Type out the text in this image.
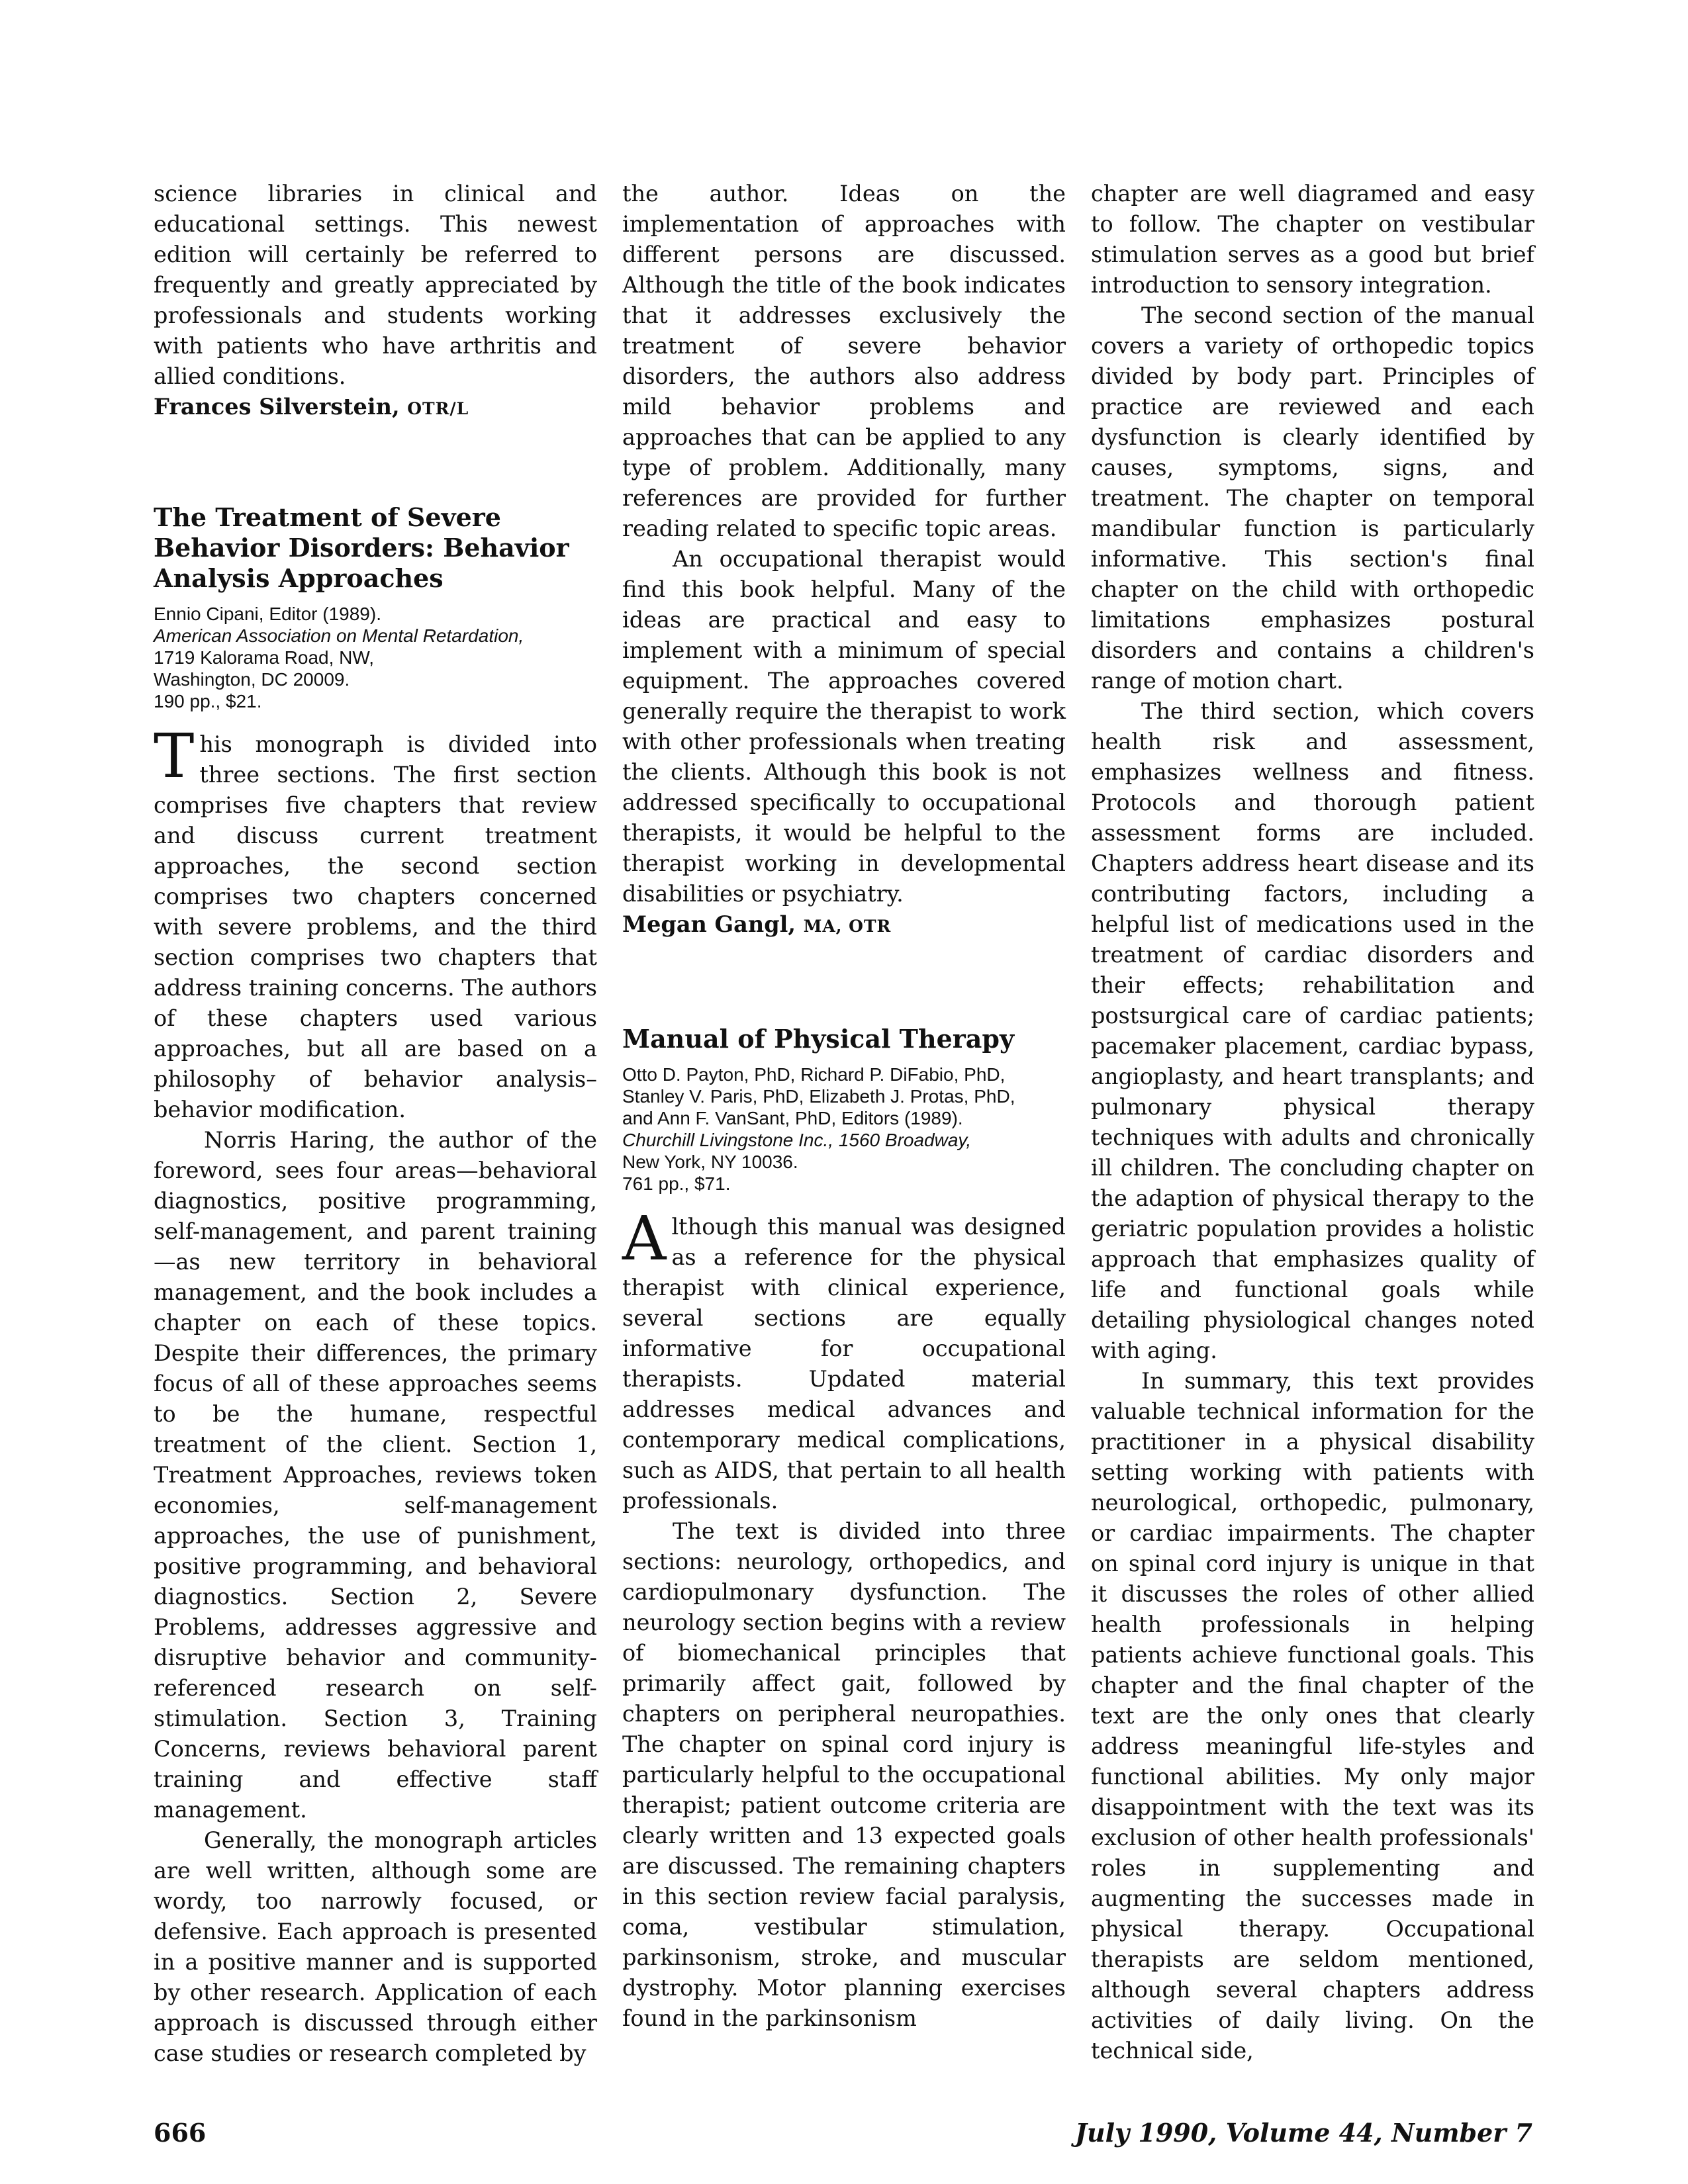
science libraries in clinical and educational settings. This newest edition will certainly be referred to frequently and greatly appreciated by professionals and students working with patients who have arthritis and allied conditions.

Frances Silverstein, OTR/L

The Treatment of Severe Behavior Disorders: Behavior Analysis Approaches
Ennio Cipani, Editor (1989).
American Association on Mental Retardation,
1719 Kalorama Road, NW,
Washington, DC 20009.
190 pp., $21.

This monograph is divided into three sections. The first section comprises five chapters that review and discuss current treatment approaches, the second section comprises two chapters concerned with severe problems, and the third section comprises two chapters that address training concerns. The authors of these chapters used various approaches, but all are based on a philosophy of behavior analysis–behavior modification.

Norris Haring, the author of the foreword, sees four areas—behavioral diagnostics, positive programming, self-management, and parent training—as new territory in behavioral management, and the book includes a chapter on each of these topics. Despite their differences, the primary focus of all of these approaches seems to be the humane, respectful treatment of the client. Section 1, Treatment Approaches, reviews token economies, self-management approaches, the use of punishment, positive programming, and behavioral diagnostics. Section 2, Severe Problems, addresses aggressive and disruptive behavior and community-referenced research on self-stimulation. Section 3, Training Concerns, reviews behavioral parent training and effective staff management.

Generally, the monograph articles are well written, although some are wordy, too narrowly focused, or defensive. Each approach is presented in a positive manner and is supported by other research. Application of each approach is discussed through either case studies or research completed by

the author. Ideas on the implementation of approaches with different persons are discussed. Although the title of the book indicates that it addresses exclusively the treatment of severe behavior disorders, the authors also address mild behavior problems and approaches that can be applied to any type of problem. Additionally, many references are provided for further reading related to specific topic areas.

An occupational therapist would find this book helpful. Many of the ideas are practical and easy to implement with a minimum of special equipment. The approaches covered generally require the therapist to work with other professionals when treating the clients. Although this book is not addressed specifically to occupational therapists, it would be helpful to the therapist working in developmental disabilities or psychiatry.

Megan Gangl, MA, OTR

Manual of Physical Therapy
Otto D. Payton, PhD, Richard P. DiFabio, PhD,
Stanley V. Paris, PhD, Elizabeth J. Protas, PhD,
and Ann F. VanSant, PhD, Editors (1989).
Churchill Livingstone Inc., 1560 Broadway,
New York, NY 10036.
761 pp., $71.

Although this manual was designed as a reference for the physical therapist with clinical experience, several sections are equally informative for occupational therapists. Updated material addresses medical advances and contemporary medical complications, such as AIDS, that pertain to all health professionals.

The text is divided into three sections: neurology, orthopedics, and cardiopulmonary dysfunction. The neurology section begins with a review of biomechanical principles that primarily affect gait, followed by chapters on peripheral neuropathies. The chapter on spinal cord injury is particularly helpful to the occupational therapist; patient outcome criteria are clearly written and 13 expected goals are discussed. The remaining chapters in this section review facial paralysis, coma, vestibular stimulation, parkinsonism, stroke, and muscular dystrophy. Motor planning exercises found in the parkinsonism

chapter are well diagramed and easy to follow. The chapter on vestibular stimulation serves as a good but brief introduction to sensory integration.

The second section of the manual covers a variety of orthopedic topics divided by body part. Principles of practice are reviewed and each dysfunction is clearly identified by causes, symptoms, signs, and treatment. The chapter on temporal mandibular function is particularly informative. This section's final chapter on the child with orthopedic limitations emphasizes postural disorders and contains a children's range of motion chart.

The third section, which covers health risk and assessment, emphasizes wellness and fitness. Protocols and thorough patient assessment forms are included. Chapters address heart disease and its contributing factors, including a helpful list of medications used in the treatment of cardiac disorders and their effects; rehabilitation and postsurgical care of cardiac patients; pacemaker placement, cardiac bypass, angioplasty, and heart transplants; and pulmonary physical therapy techniques with adults and chronically ill children. The concluding chapter on the adaption of physical therapy to the geriatric population provides a holistic approach that emphasizes quality of life and functional goals while detailing physiological changes noted with aging.

In summary, this text provides valuable technical information for the practitioner in a physical disability setting working with patients with neurological, orthopedic, pulmonary, or cardiac impairments. The chapter on spinal cord injury is unique in that it discusses the roles of other allied health professionals in helping patients achieve functional goals. This chapter and the final chapter of the text are the only ones that clearly address meaningful life-styles and functional abilities. My only major disappointment with the text was its exclusion of other health professionals' roles in supplementing and augmenting the successes made in physical therapy. Occupational therapists are seldom mentioned, although several chapters address activities of daily living. On the technical side,

666	July 1990, Volume 44, Number 7
